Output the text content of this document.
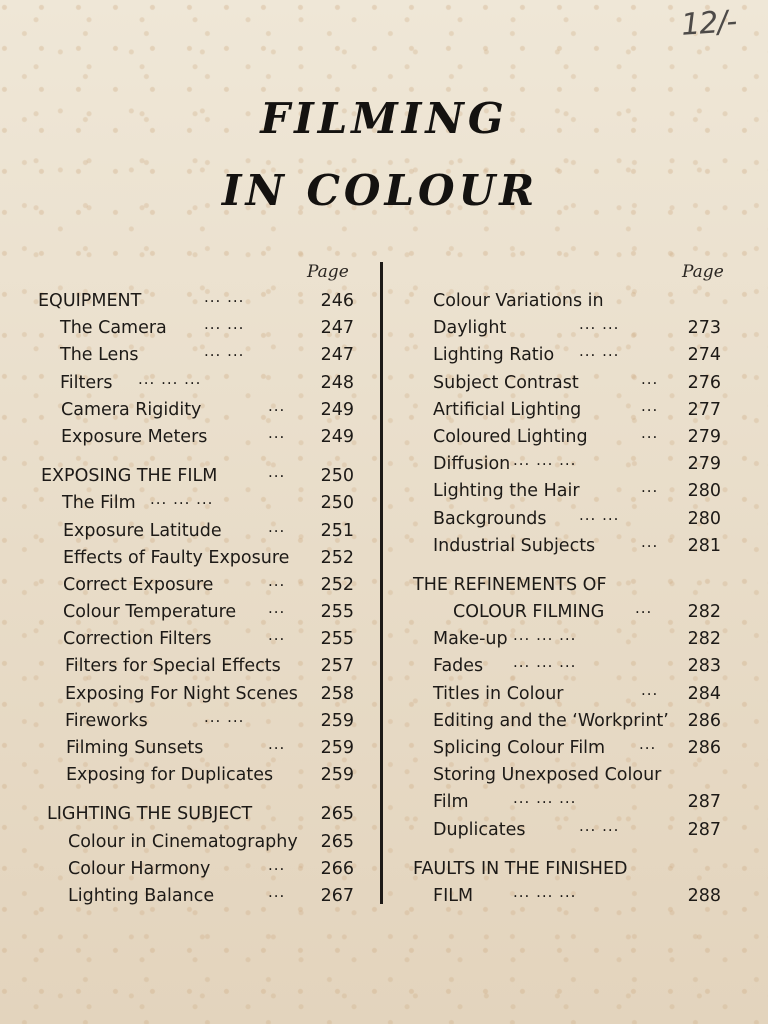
12/-
FILMING
IN COLOUR
Page	Page
EQUIPMENT	... ...	246
The Camera ... ...	247
The Lens	... ...	247
Filters ... ... ...	248
Camera Rigidity	...	249
Exposure Meters	...	249
EXPOSING THE FILM	...	250
The Film ... ... ...	250
Exposure Latitude	...	251
Effects of Faulty Exposure	252
Correct Exposure	...	252
Colour Temperature ...	255
Correction Filters	...	255
Filters for Special Effects	257
Exposing For Night Scenes	258
Fireworks	... ...	259
Filming Sunsets	...	259
Exposing for Duplicates	259
LIGHTING THE SUBJECT	265
Colour in Cinematography	265
Colour Harmony	...	266
Lighting Balance	...	267
Colour Variations in
Daylight	... ...	273
Lighting Ratio ... ...	274
Subject Contrast	...	276
Artificial Lighting	...	277
Coloured Lighting	...	279
Diffusion ... ... ...	279
Lighting the Hair	...	280
Backgrounds ... ...	280
Industrial Subjects	...	281
THE REFINEMENTS OF
COLOUR FILMING ...	282
Make-up ... ... ...	282
Fades ... ... ...	283
Titles in Colour	...	284
Editing and the ‘Workprint’	286
Splicing Colour Film ...	286
Storing Unexposed Colour
Film	... ... ...	287
Duplicates	... ...	287
FAULTS IN THE FINISHED
FILM	... ... ...	288
